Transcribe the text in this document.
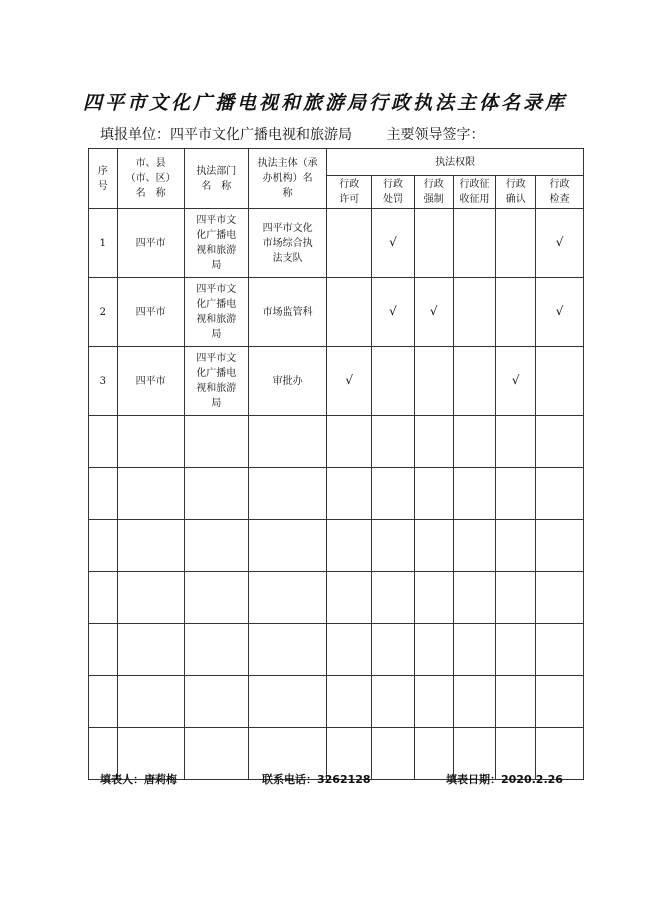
四平市文化广播电视和旅游局行政执法主体名录库
填报单位：四平市文化广播电视和旅游局 主要领导签字：
序号	市、县（市、区）名　称	执法部门名　称	执法主体（承办机构）名　称	执法权限					
				行政许可	行政处罚	行政强制	行政征收征用	行政确认	行政检查
1	四平市	四平市文化广播电视和旅游局	四平市文化市场综合执法支队		√				√
2	四平市	四平市文化广播电视和旅游局	市场监管科		√	√			√
3	四平市	四平市文化广播电视和旅游局	审批办	√				√	

填表人：唐莉梅	联系电话：3262128	填表日期：2020.2.26
